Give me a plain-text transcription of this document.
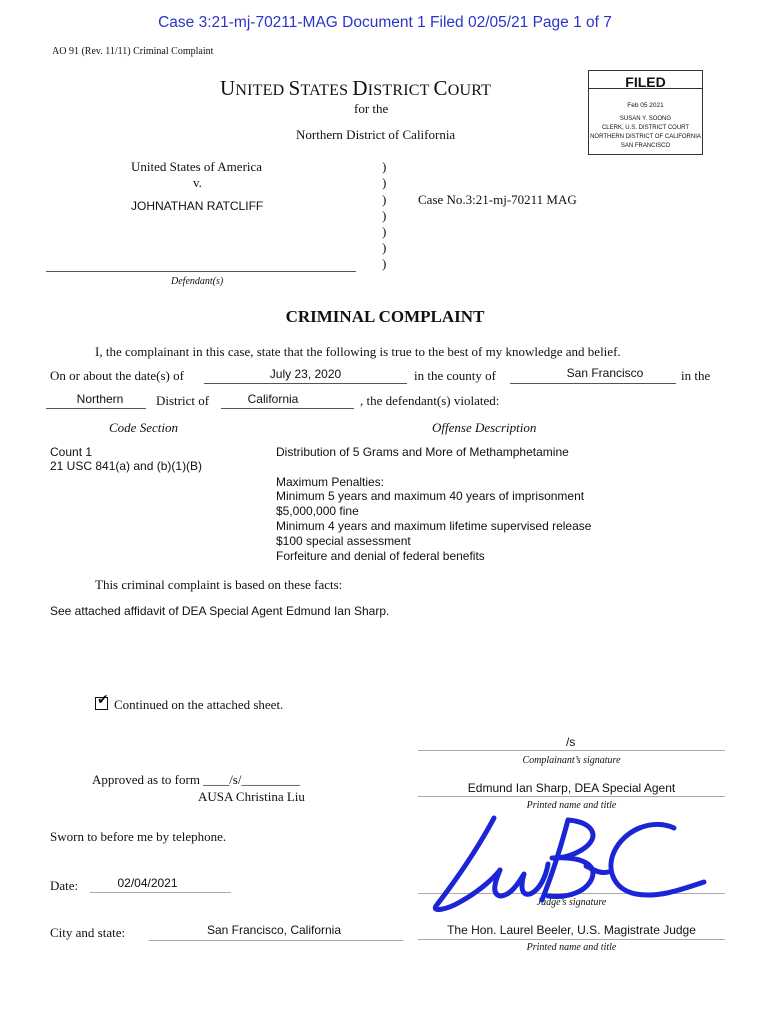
Case 3:21-mj-70211-MAG Document 1 Filed 02/05/21 Page 1 of 7
AO 91 (Rev. 11/11) Criminal Complaint
UNITED STATES DISTRICT COURT
for the
Northern District of California
FILED
Feb 05 2021
SUSAN Y. SOONG
CLERK, U.S. DISTRICT COURT
NORTHERN DISTRICT OF CALIFORNIA
SAN FRANCISCO
United States of America
v.
JOHNATHAN RATCLIFF
Defendant(s)
)
)
)
)
)
)
)
Case No.3:21-mj-70211 MAG
CRIMINAL COMPLAINT
I, the complainant in this case, state that the following is true to the best of my knowledge and belief.
On or about the date(s) of	July 23, 2020	in the county of	San Francisco	in the
Northern	District of	California	, the defendant(s) violated:
Code Section	Offense Description
Count 1
21 USC 841(a) and (b)(1)(B)
Distribution of 5 Grams and More of Methamphetamine
Maximum Penalties:
Minimum 5 years and maximum 40 years of imprisonment
$5,000,000 fine
Minimum 4 years and maximum lifetime supervised release
$100 special assessment
Forfeiture and denial of federal benefits
This criminal complaint is based on these facts:
See attached affidavit of DEA Special Agent Edmund Ian Sharp.
✔ Continued on the attached sheet.
/s
Complainant’s signature
Approved as to form ____/s/_________
AUSA Christina Liu
Edmund Ian Sharp, DEA Special Agent
Printed name and title
Sworn to before me by telephone.
Date:	02/04/2021
Judge’s signature
City and state:	San Francisco, California	The Hon. Laurel Beeler, U.S. Magistrate Judge
Printed name and title
